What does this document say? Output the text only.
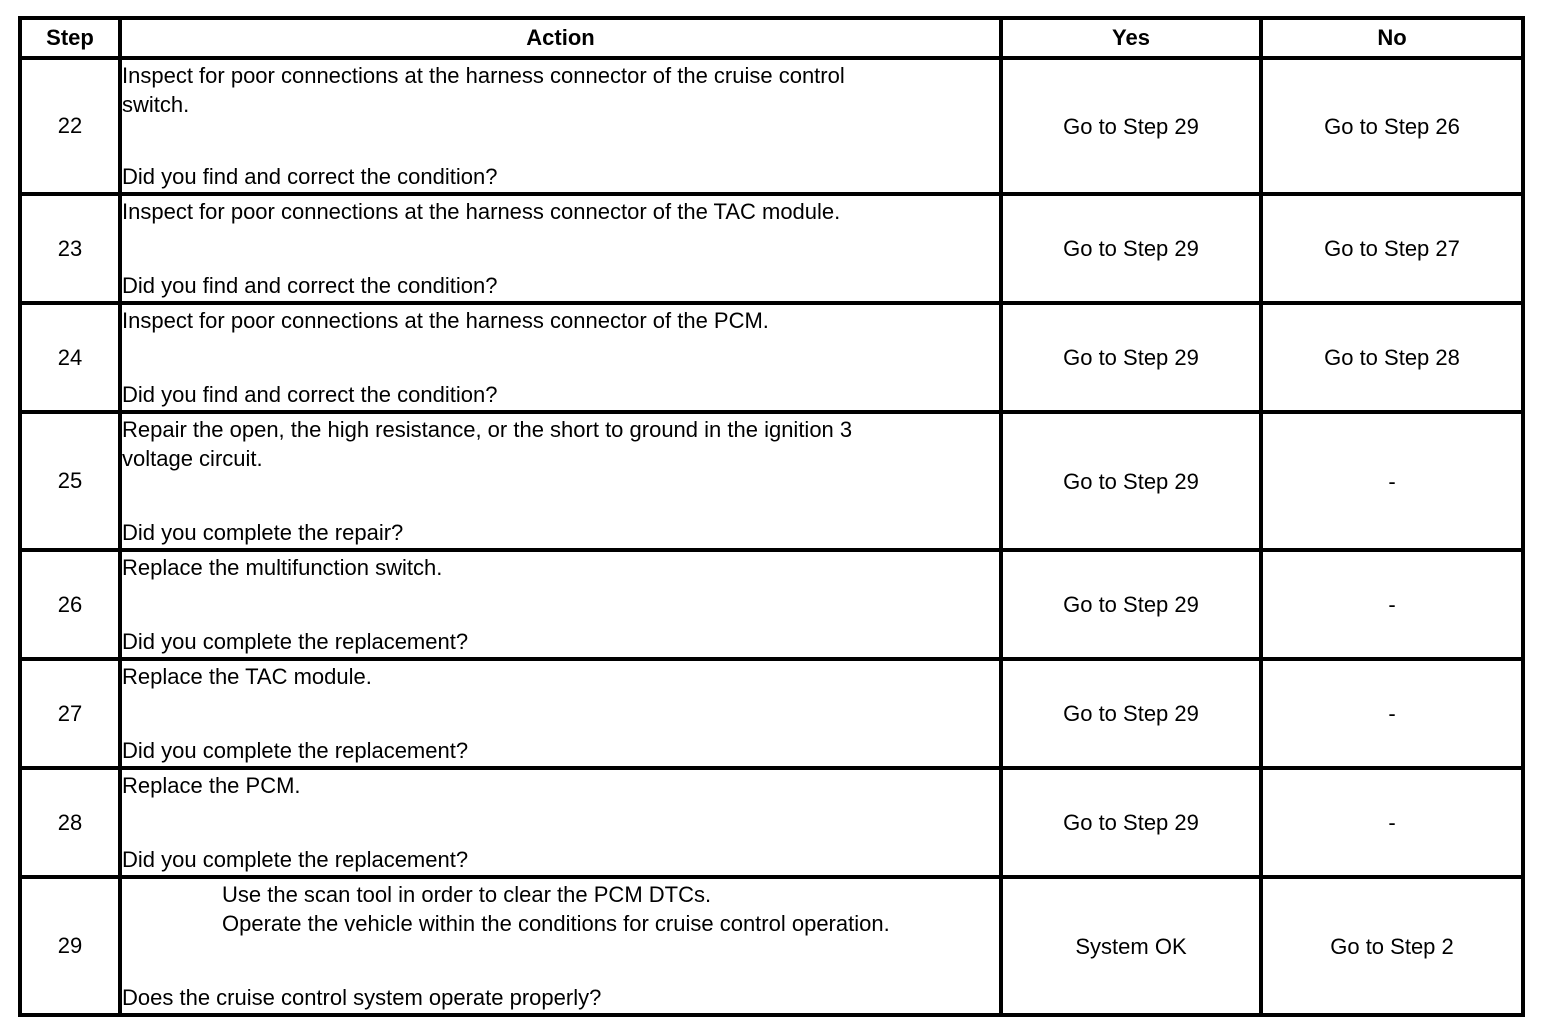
Step	Action	Yes	No
22	Inspect for poor connections at the harness connector of the cruise control
switch.
Did you find and correct the condition?	Go to Step 29	Go to Step 26

23	Inspect for poor connections at the harness connector of the TAC module.
Did you find and correct the condition?	Go to Step 29	Go to Step 27

24	Inspect for poor connections at the harness connector of the PCM.
Did you find and correct the condition?	Go to Step 29	Go to Step 28

25	Repair the open, the high resistance, or the short to ground in the ignition 3
voltage circuit.
Did you complete the repair?	Go to Step 29	-

26	Replace the multifunction switch.
Did you complete the replacement?	Go to Step 29	-

27	Replace the TAC module.
Did you complete the replacement?	Go to Step 29	-

28	Replace the PCM.
Did you complete the replacement?	Go to Step 29	-

29	Use the scan tool in order to clear the PCM DTCs.
Operate the vehicle within the conditions for cruise control operation.
Does the cruise control system operate properly?	System OK	Go to Step 2
